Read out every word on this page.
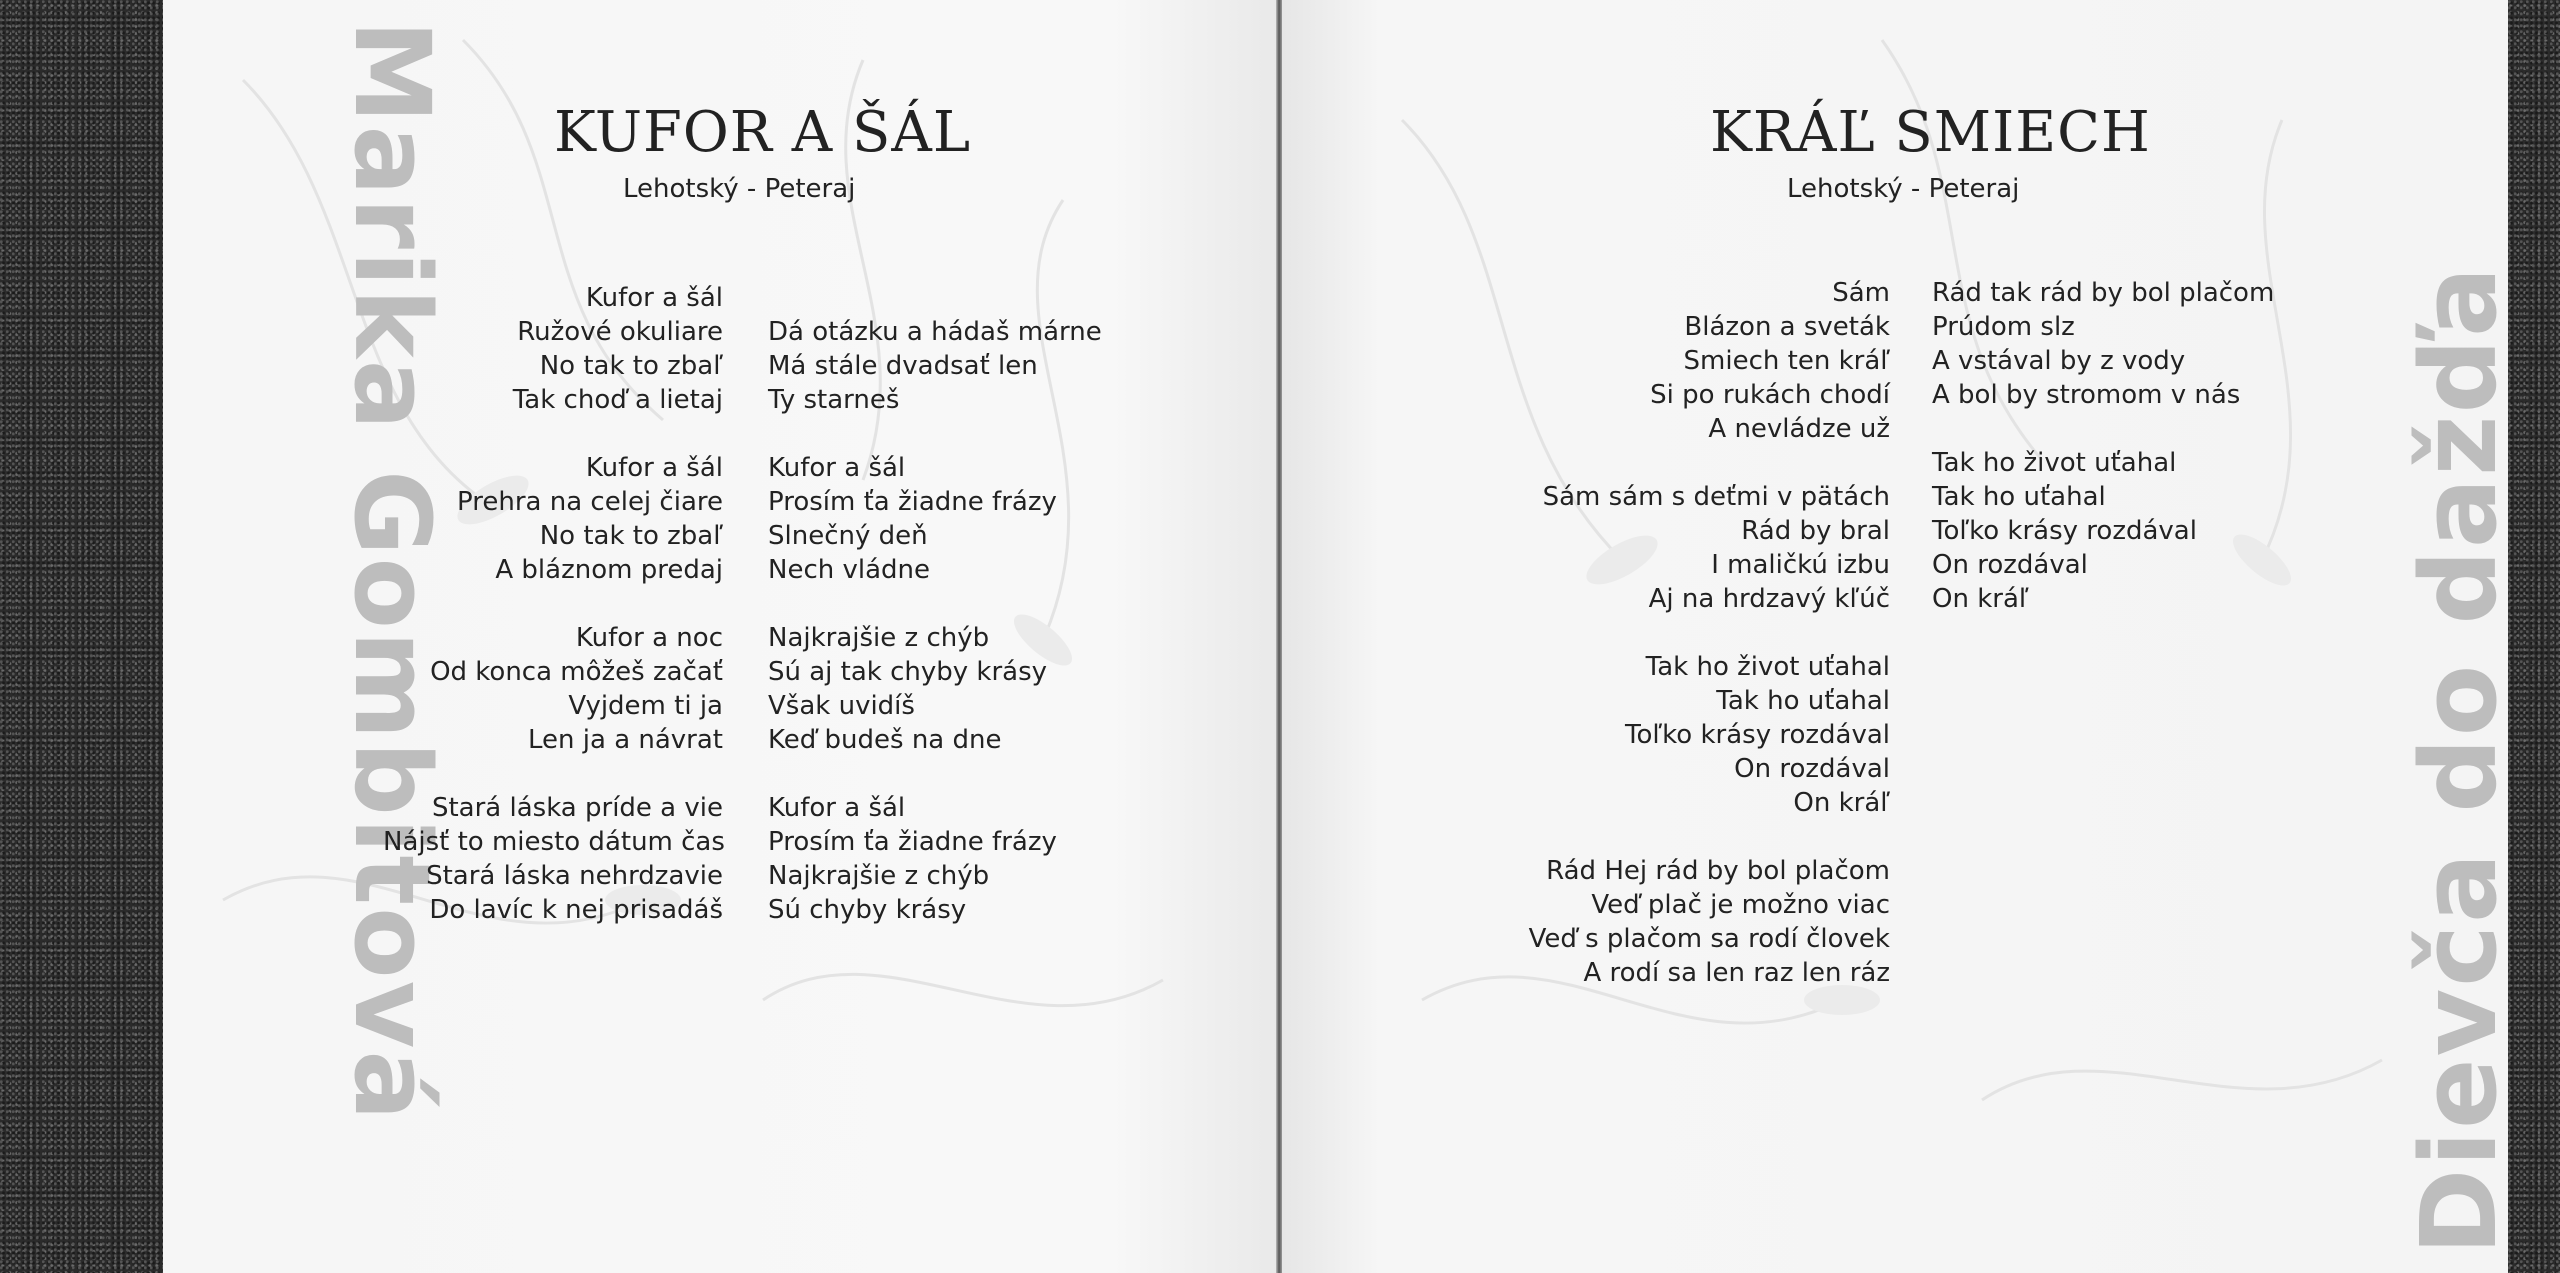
Marika Gombitová	Dievča do dažďa
KUFOR A ŠÁL
Lehotský - Peteraj
Kufor a šál
Ružové okuliare
No tak to zbaľ
Tak choď a lietaj
Kufor a šál
Prehra na celej čiare
No tak to zbaľ
A bláznom predaj
Kufor a noc
Od konca môžeš začať
Vyjdem ti ja
Len ja a návrat
Stará láska príde a vie
Nájsť to miesto dátum čas
Stará láska nehrdzavie
Do lavíc k nej prisadáš
Dá otázku a hádaš márne
Má stále dvadsať len
Ty starneš
Kufor a šál
Prosím ťa žiadne frázy
Slnečný deň
Nech vládne
Najkrajšie z chýb
Sú aj tak chyby krásy
Však uvidíš
Keď budeš na dne
Kufor a šál
Prosím ťa žiadne frázy
Najkrajšie z chýb
Sú chyby krásy
KRÁĽ SMIECH
Lehotský - Peteraj
Sám
Blázon a sveták
Smiech ten kráľ
Si po rukách chodí
A nevládze už
Sám sám s deťmi v pätách
Rád by bral
I maličkú izbu
Aj na hrdzavý kľúč
Tak ho život uťahal
Tak ho uťahal
Toľko krásy rozdával
On rozdával
On kráľ
Rád Hej rád by bol plačom
Veď plač je možno viac
Veď s plačom sa rodí človek
A rodí sa len raz len ráz
Rád tak rád by bol plačom
Prúdom slz
A vstával by z vody
A bol by stromom v nás
Tak ho život uťahal
Tak ho uťahal
Toľko krásy rozdával
On rozdával
On kráľ
